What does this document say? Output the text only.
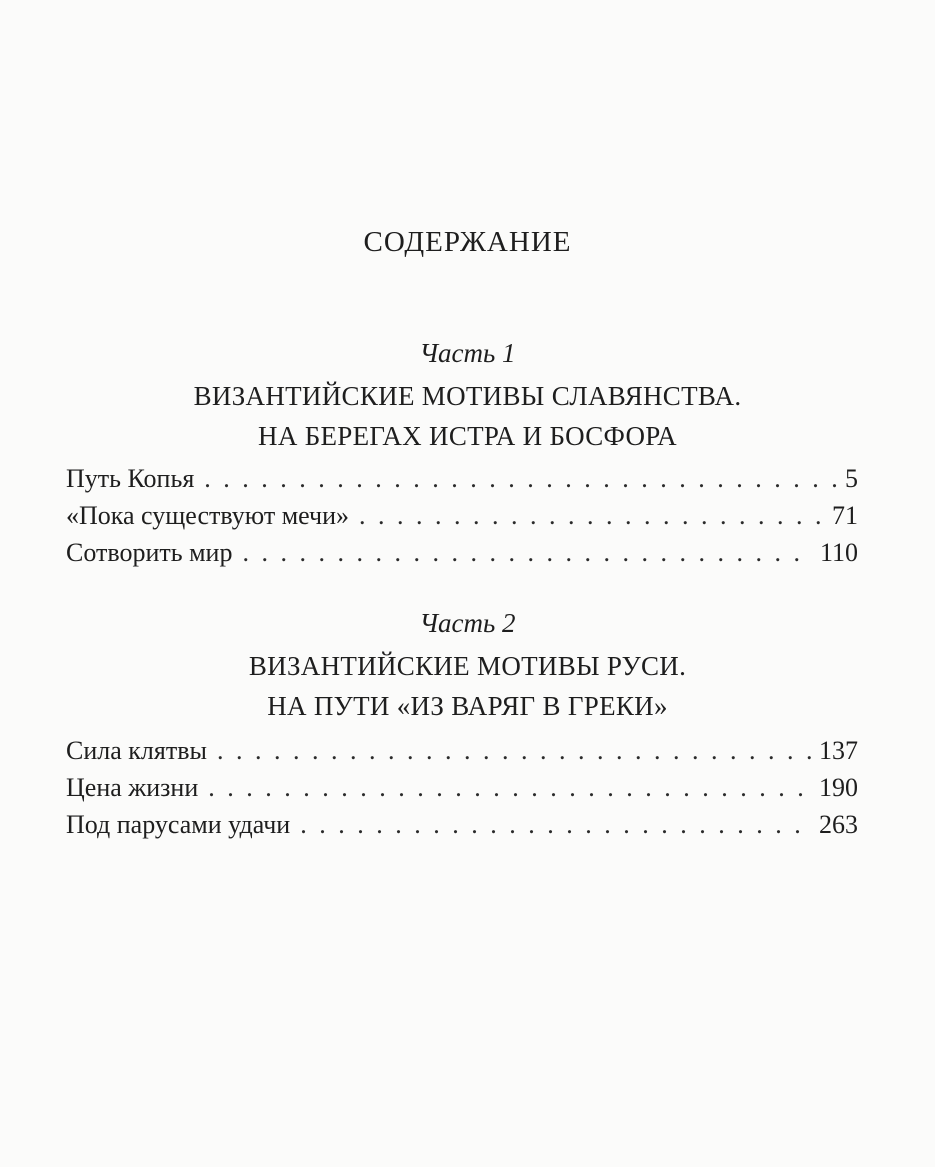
СОДЕРЖАНИЕ
Часть 1
ВИЗАНТИЙСКИЕ МОТИВЫ СЛАВЯНСТВА.
НА БЕРЕГАХ ИСТРА И БОСФОРА
Путь Копья . . .	5
«Пока существуют мечи» . . .	71
Сотворить мир . . .	110
Часть 2
ВИЗАНТИЙСКИЕ МОТИВЫ РУСИ.
НА ПУТИ «ИЗ ВАРЯГ В ГРЕКИ»
Сила клятвы . . .	137
Цена жизни . . .	190
Под парусами удачи . . .	263
